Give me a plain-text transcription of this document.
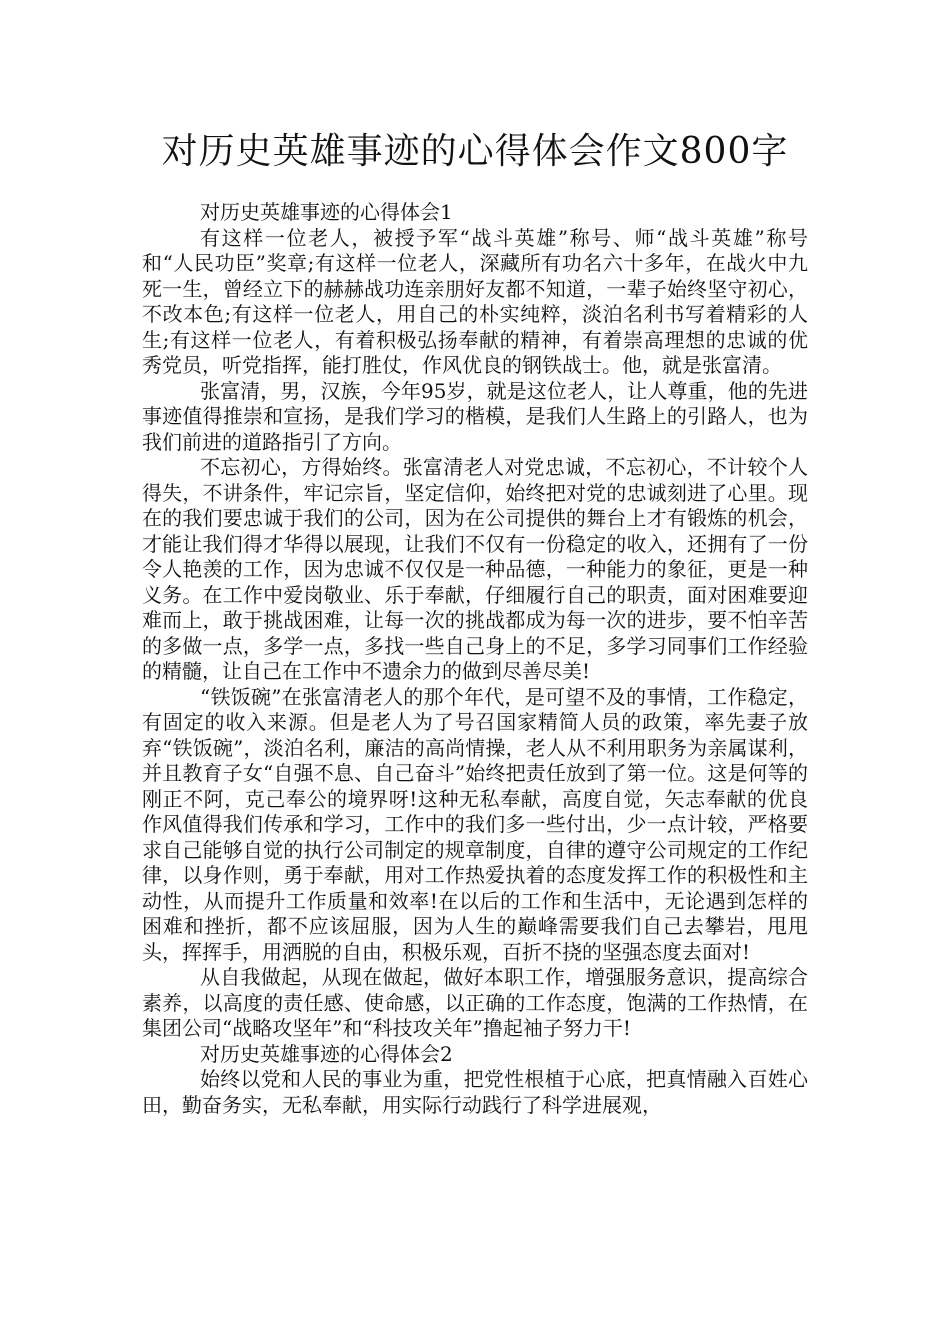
对历史英雄事迹的心得体会作文800字
对历史英雄事迹的心得体会1

有这样一位老人，被授予军“战斗英雄”称号、师“战斗英雄”称号和“人民功臣”奖章;有这样一位老人，深藏所有功名六十多年，在战火中九死一生，曾经立下的赫赫战功连亲朋好友都不知道，一辈子始终坚守初心，不改本色;有这样一位老人，用自己的朴实纯粹，淡泊名利书写着精彩的人生;有这样一位老人，有着积极弘扬奉献的精神，有着崇高理想的忠诚的优秀党员，听党指挥，能打胜仗，作风优良的钢铁战士。他，就是张富清。

张富清，男，汉族，今年95岁，就是这位老人，让人尊重，他的先进事迹值得推崇和宣扬，是我们学习的楷模，是我们人生路上的引路人，也为我们前进的道路指引了方向。

不忘初心，方得始终。张富清老人对党忠诚，不忘初心，不计较个人得失，不讲条件，牢记宗旨，坚定信仰，始终把对党的忠诚刻进了心里。现在的我们要忠诚于我们的公司，因为在公司提供的舞台上才有锻炼的机会，才能让我们得才华得以展现，让我们不仅有一份稳定的收入，还拥有了一份令人艳羡的工作，因为忠诚不仅仅是一种品德，一种能力的象征，更是一种义务。在工作中爱岗敬业、乐于奉献，仔细履行自己的职责，面对困难要迎难而上，敢于挑战困难，让每一次的挑战都成为每一次的进步，要不怕辛苦的多做一点，多学一点，多找一些自己身上的不足，多学习同事们工作经验的精髓，让自己在工作中不遗余力的做到尽善尽美!

“铁饭碗”在张富清老人的那个年代，是可望不及的事情，工作稳定，有固定的收入来源。但是老人为了号召国家精简人员的政策，率先妻子放弃“铁饭碗”，淡泊名利，廉洁的高尚情操，老人从不利用职务为亲属谋利，并且教育子女“自强不息、自己奋斗”始终把责任放到了第一位。这是何等的刚正不阿，克己奉公的境界呀!这种无私奉献，高度自觉，矢志奉献的优良作风值得我们传承和学习，工作中的我们多一些付出，少一点计较，严格要求自己能够自觉的执行公司制定的规章制度，自律的遵守公司规定的工作纪律，以身作则，勇于奉献，用对工作热爱执着的态度发挥工作的积极性和主动性，从而提升工作质量和效率!在以后的工作和生活中，无论遇到怎样的困难和挫折，都不应该屈服，因为人生的巅峰需要我们自己去攀岩，甩甩头，挥挥手，用洒脱的自由，积极乐观，百折不挠的坚强态度去面对!

从自我做起，从现在做起，做好本职工作，增强服务意识，提高综合素养，以高度的责任感、使命感，以正确的工作态度，饱满的工作热情，在集团公司“战略攻坚年”和“科技攻关年”撸起袖子努力干!

对历史英雄事迹的心得体会2

始终以党和人民的事业为重，把党性根植于心底，把真情融入百姓心田，勤奋务实，无私奉献，用实际行动践行了科学进展观，
